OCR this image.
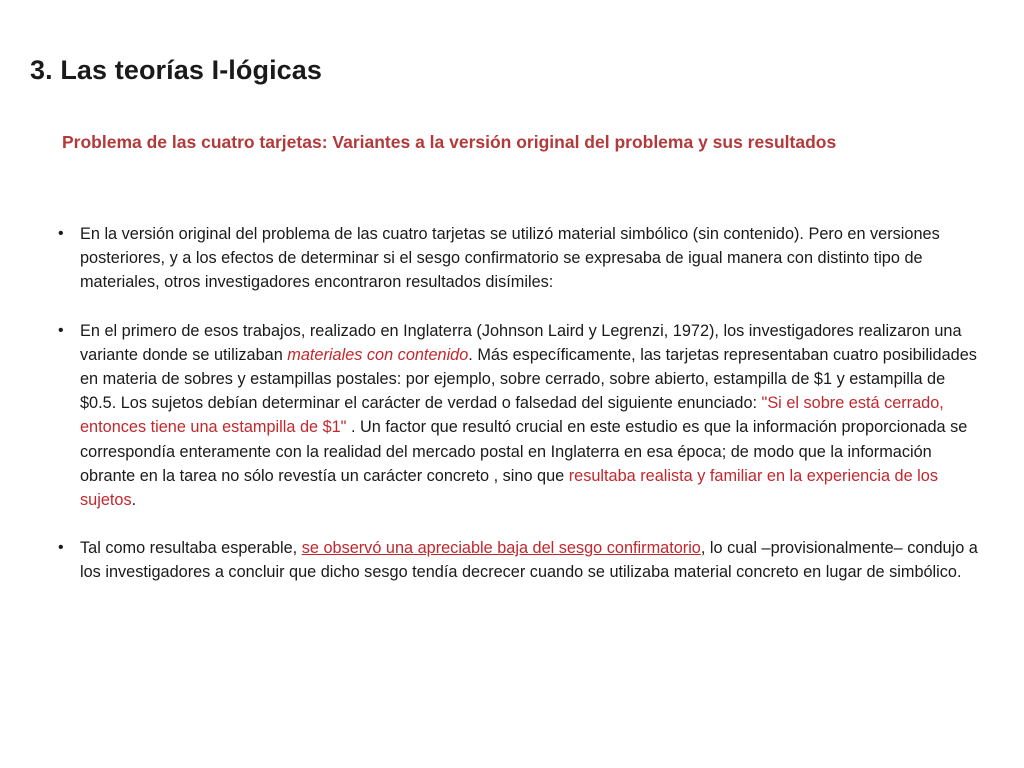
3. Las teorías I-lógicas
Problema de las cuatro tarjetas: Variantes a la versión original del problema y sus resultados
• En la versión original del problema de las cuatro tarjetas se utilizó material simbólico (sin contenido). Pero en versiones posteriores, y a los efectos de determinar si el sesgo confirmatorio se expresaba de igual manera con distinto tipo de materiales, otros investigadores encontraron resultados disímiles:
• En el primero de esos trabajos, realizado en Inglaterra (Johnson Laird y Legrenzi, 1972), los investigadores realizaron una variante donde se utilizaban materiales con contenido. Más específicamente, las tarjetas representaban cuatro posibilidades en materia de sobres y estampillas postales: por ejemplo, sobre cerrado, sobre abierto, estampilla de $1 y estampilla de $0.5. Los sujetos debían determinar el carácter de verdad o falsedad del siguiente enunciado: "Si el sobre está cerrado, entonces tiene una estampilla de $1" . Un factor que resultó crucial en este estudio es que la información proporcionada se correspondía enteramente con la realidad del mercado postal en Inglaterra en esa época; de modo que la información obrante en la tarea no sólo revestía un carácter concreto , sino que resultaba realista y familiar en la experiencia de los sujetos.
• Tal como resultaba esperable, se observó una apreciable baja del sesgo confirmatorio, lo cual –provisionalmente– condujo a los investigadores a concluir que dicho sesgo tendía decrecer cuando se utilizaba material concreto en lugar de simbólico.
